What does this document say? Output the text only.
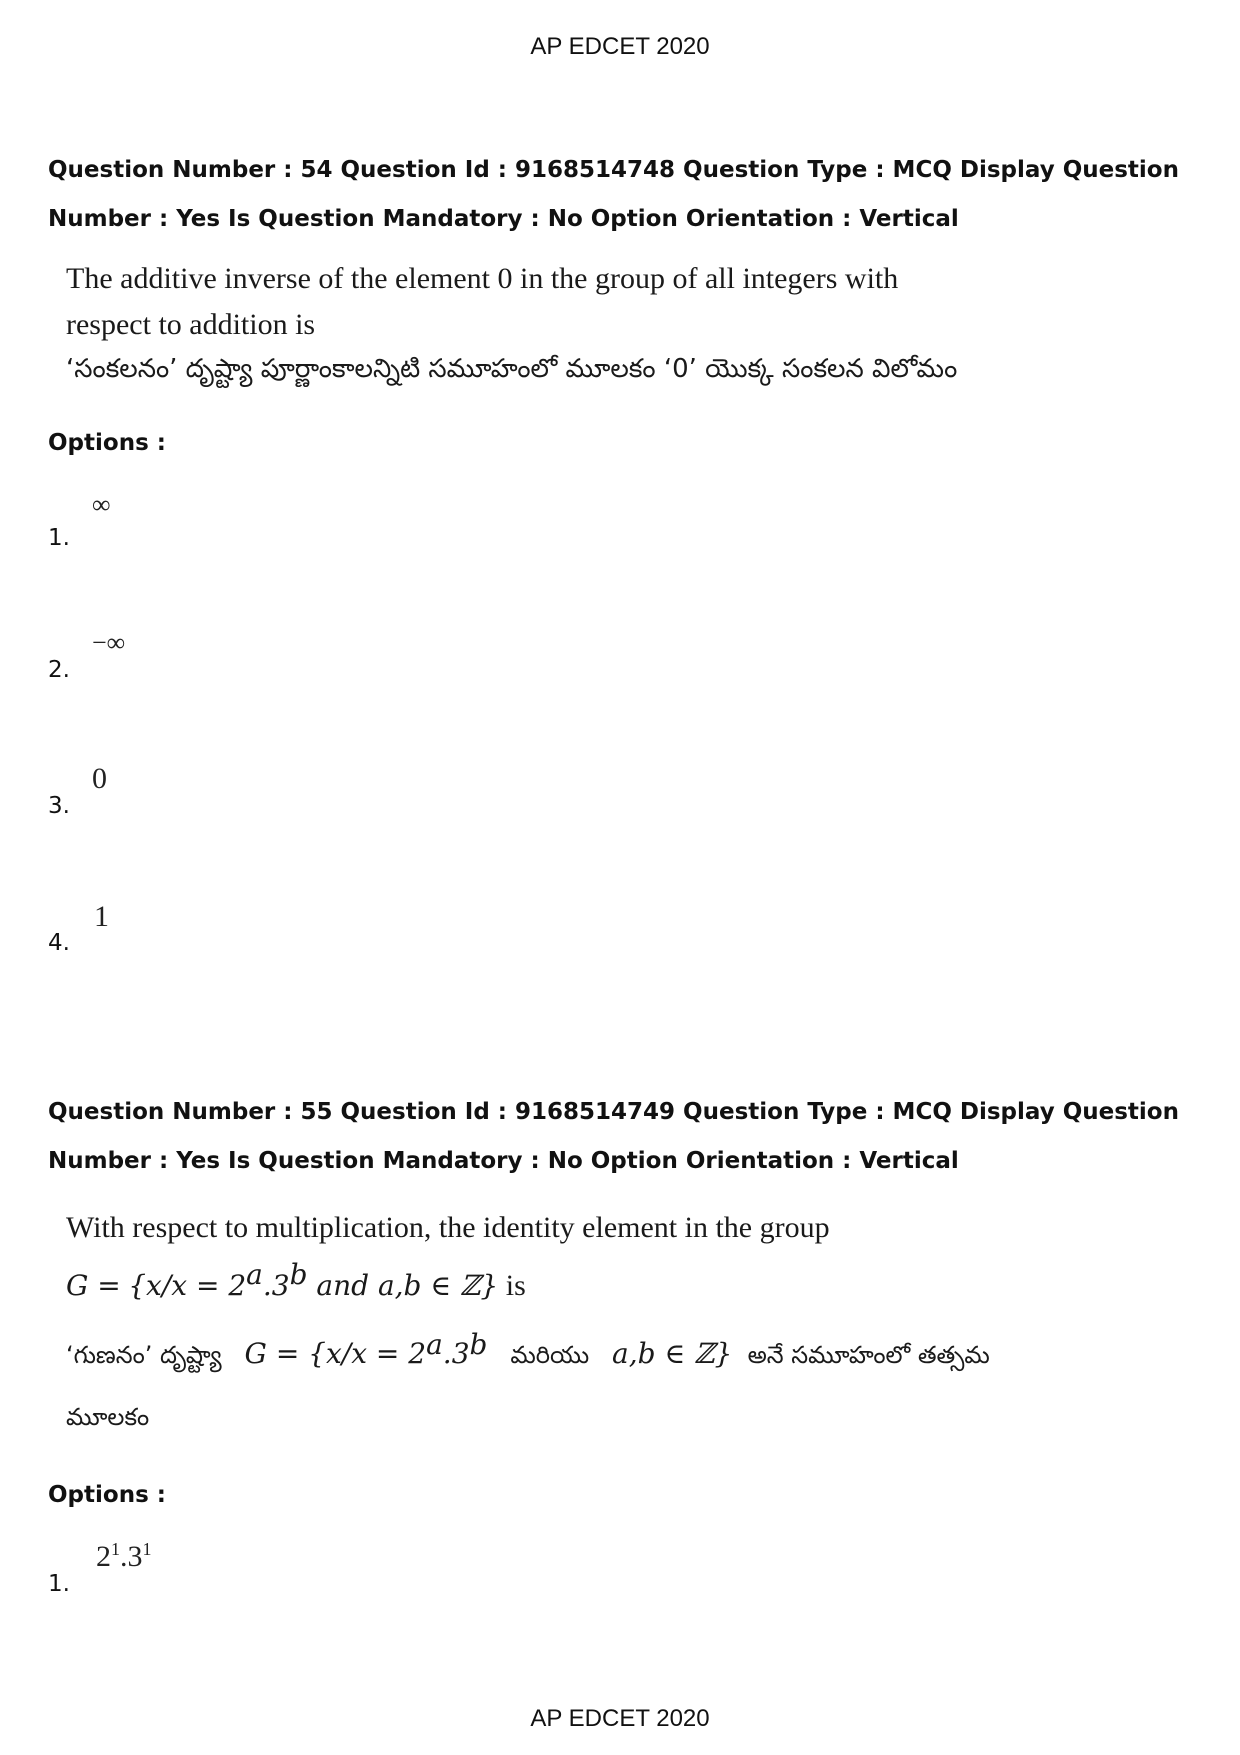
AP EDCET 2020
Question Number : 54 Question Id : 9168514748 Question Type : MCQ Display Question
Number : Yes Is Question Mandatory : No Option Orientation : Vertical
The additive inverse of the element 0 in the group of all integers with
respect to addition is
‘సంకలనం’ దృష్ట్యా పూర్ణాంకాలన్నిటి సమూహంలో మూలకం ‘0’ యొక్క సంకలన విలోమం
Options :
1.
∞
2.
−∞
3.
0
4.
1
Question Number : 55 Question Id : 9168514749 Question Type : MCQ Display Question
Number : Yes Is Question Mandatory : No Option Orientation : Vertical
With respect to multiplication, the identity element in the group
$G = \{x/x = 2^a.3^b$ and a,b ∈ ℤ} is
‘గుణనం’ దృష్ట్యా $G = \{x/x = 2^a.3^b$ మరియు a,b ∈ ℤ} అనే సమూహంలో తత్సమ
మూలకం
Options :
1.
$2^1.3^1$
AP EDCET 2020
